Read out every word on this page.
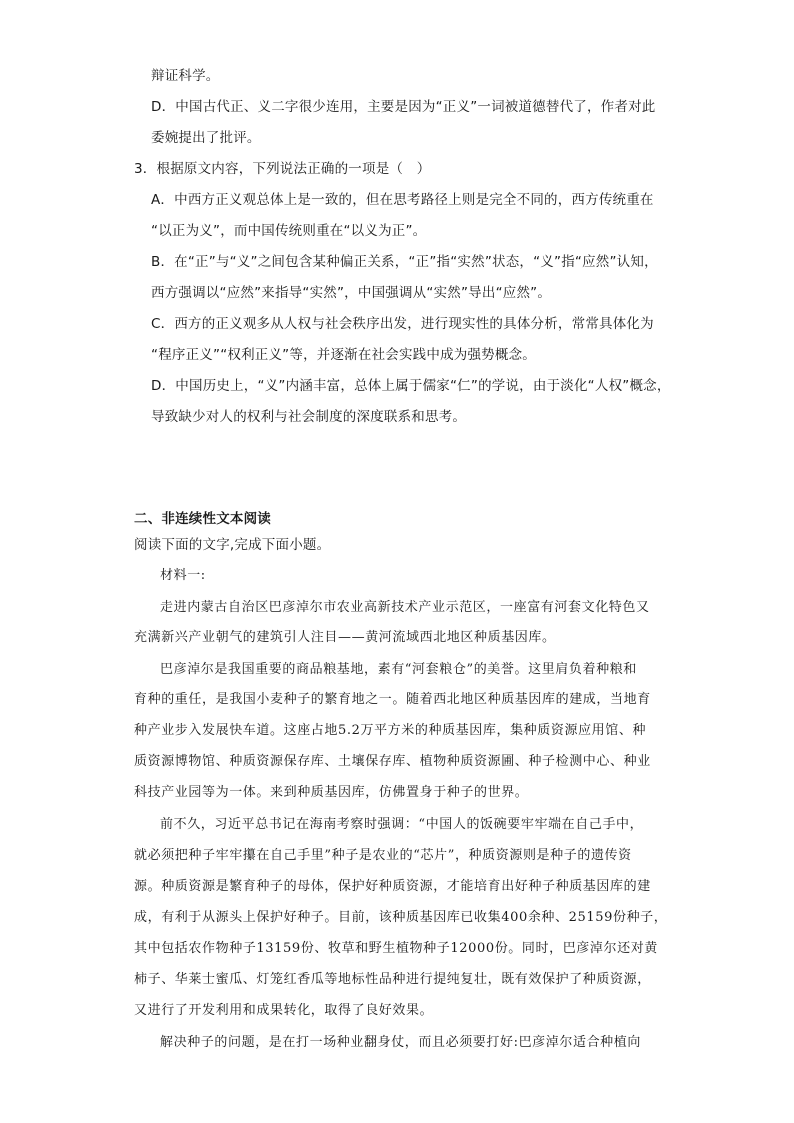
辩证科学。
D．中国古代正、义二字很少连用，主要是因为“正义”一词被道德替代了，作者对此
委婉提出了批评。
3．根据原文内容，下列说法正确的一项是（　）
A．中西方正义观总体上是一致的，但在思考路径上则是完全不同的，西方传统重在
“以正为义”，而中国传统则重在“以义为正”。
B．在“正”与“义”之间包含某种偏正关系，“正”指“实然”状态，“义”指“应然”认知，
西方强调以“应然”来指导“实然”，中国强调从“实然”导出“应然”。
C．西方的正义观多从人权与社会秩序出发，进行现实性的具体分析，常常具体化为
“程序正义”“权利正义”等，并逐渐在社会实践中成为强势概念。
D．中国历史上，“义”内涵丰富，总体上属于儒家“仁”的学说，由于淡化“人权”概念，
导致缺少对人的权利与社会制度的深度联系和思考。
二、非连续性文本阅读
阅读下面的文字,完成下面小题。
材料一:
走进内蒙古自治区巴彦淖尔市农业高新技术产业示范区，一座富有河套文化特色又
充满新兴产业朝气的建筑引人注目——黄河流域西北地区种质基因库。
巴彦淖尔是我国重要的商品粮基地，素有“河套粮仓”的美誉。这里肩负着种粮和
育种的重任，是我国小麦种子的繁育地之一。随着西北地区种质基因库的建成，当地育
种产业步入发展快车道。这座占地5.2万平方米的种质基因库，集种质资源应用馆、种
质资源博物馆、种质资源保存库、土壤保存库、植物种质资源圃、种子检测中心、种业
科技产业园等为一体。来到种质基因库，仿佛置身于种子的世界。
前不久，习近平总书记在海南考察时强调：“中国人的饭碗要牢牢端在自己手中，
就必须把种子牢牢攥在自己手里”种子是农业的“芯片”，种质资源则是种子的遗传资
源。种质资源是繁育种子的母体，保护好种质资源，才能培育出好种子种质基因库的建
成，有利于从源头上保护好种子。目前，该种质基因库已收集400余种、25159份种子，
其中包括农作物种子13159份、牧草和野生植物种子12000份。同时，巴彦淖尔还对黄
柿子、华莱士蜜瓜、灯笼红香瓜等地标性品种进行提纯复壮，既有效保护了种质资源，
又进行了开发利用和成果转化，取得了良好效果。
解决种子的问题，是在打一场种业翻身仗，而且必须要打好:巴彦淖尔适合种植向
